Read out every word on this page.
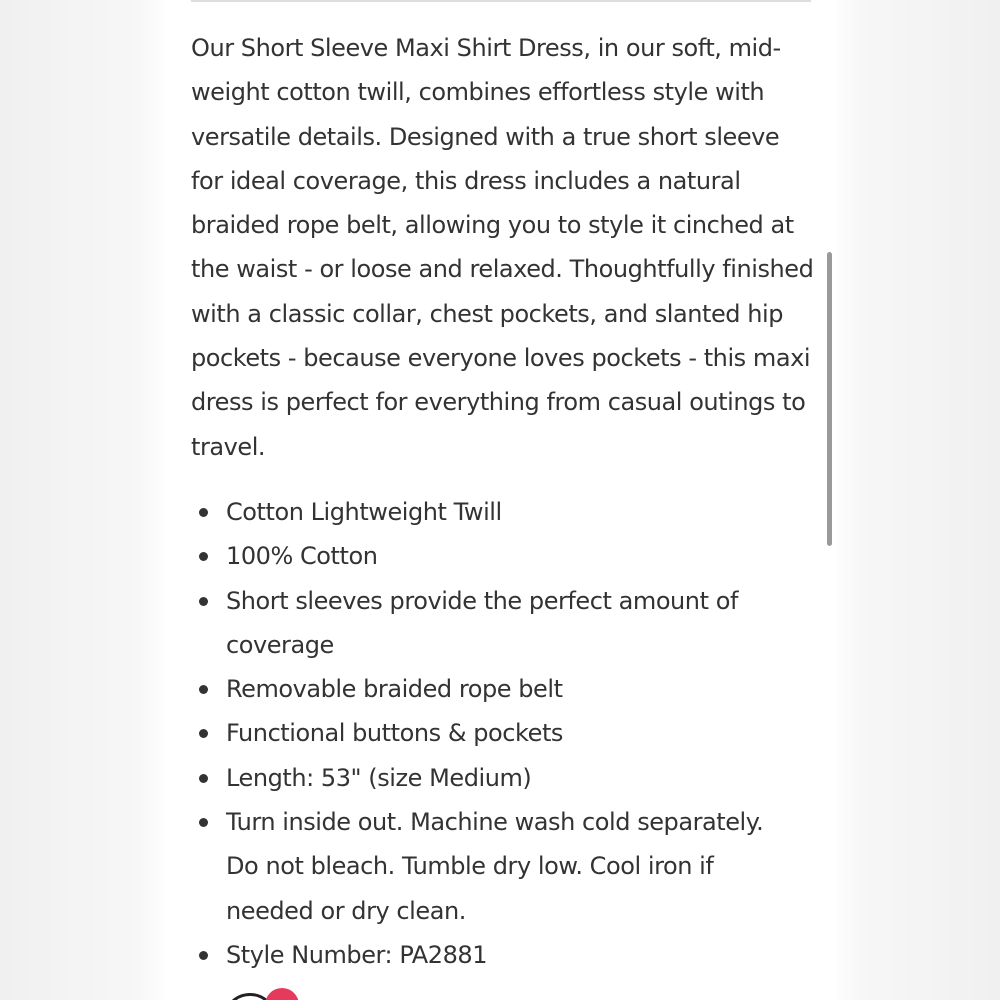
Our Short Sleeve Maxi Shirt Dress, in our soft, mid-weight cotton twill, combines effortless style with versatile details. Designed with a true short sleeve for ideal coverage, this dress includes a natural braided rope belt, allowing you to style it cinched at the waist - or loose and relaxed. Thoughtfully finished with a classic collar, chest pockets, and slanted hip pockets - because everyone loves pockets - this maxi dress is perfect for everything from casual outings to travel.

Cotton Lightweight Twill
100% Cotton
Short sleeves provide the perfect amount of coverage
Removable braided rope belt
Functional buttons & pockets
Length: 53" (size Medium)
Turn inside out. Machine wash cold separately. Do not bleach. Tumble dry low. Cool iron if needed or dry clean.
Style Number: PA2881
